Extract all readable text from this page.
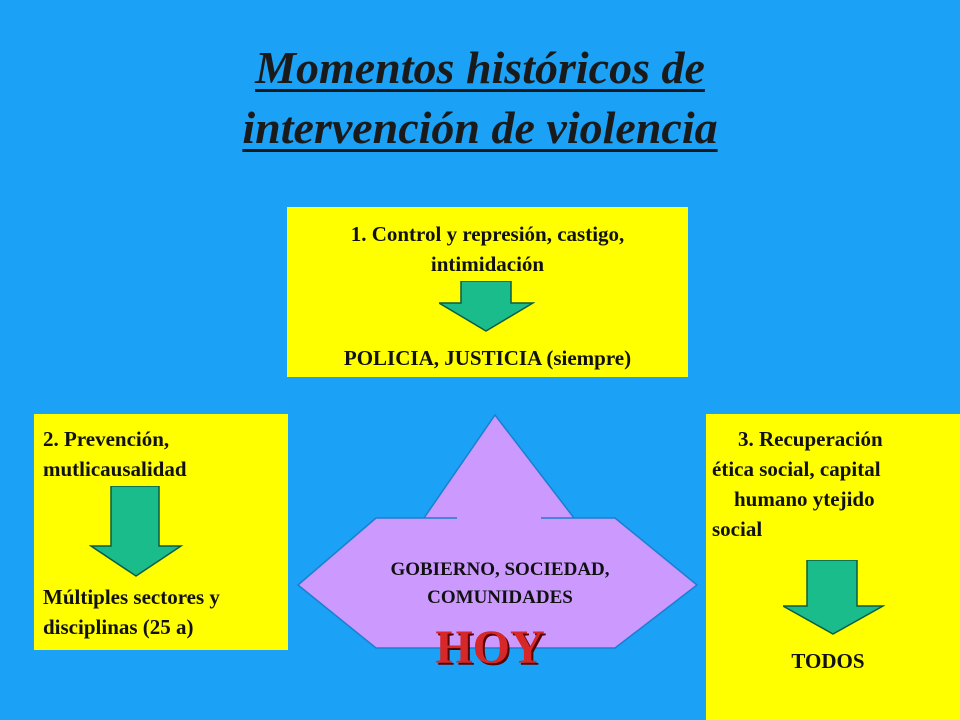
Momentos históricos de
intervención de violencia
GOBIERNO, SOCIEDAD,
COMUNIDADES
HOY
1. Control y represión, castigo,
intimidación
POLICIA, JUSTICIA (siempre)
2. Prevención,
mutlicausalidad
Múltiples sectores y
disciplinas (25 a)
3. Recuperación
ética social, capital
humano ytejido
social
TODOS
